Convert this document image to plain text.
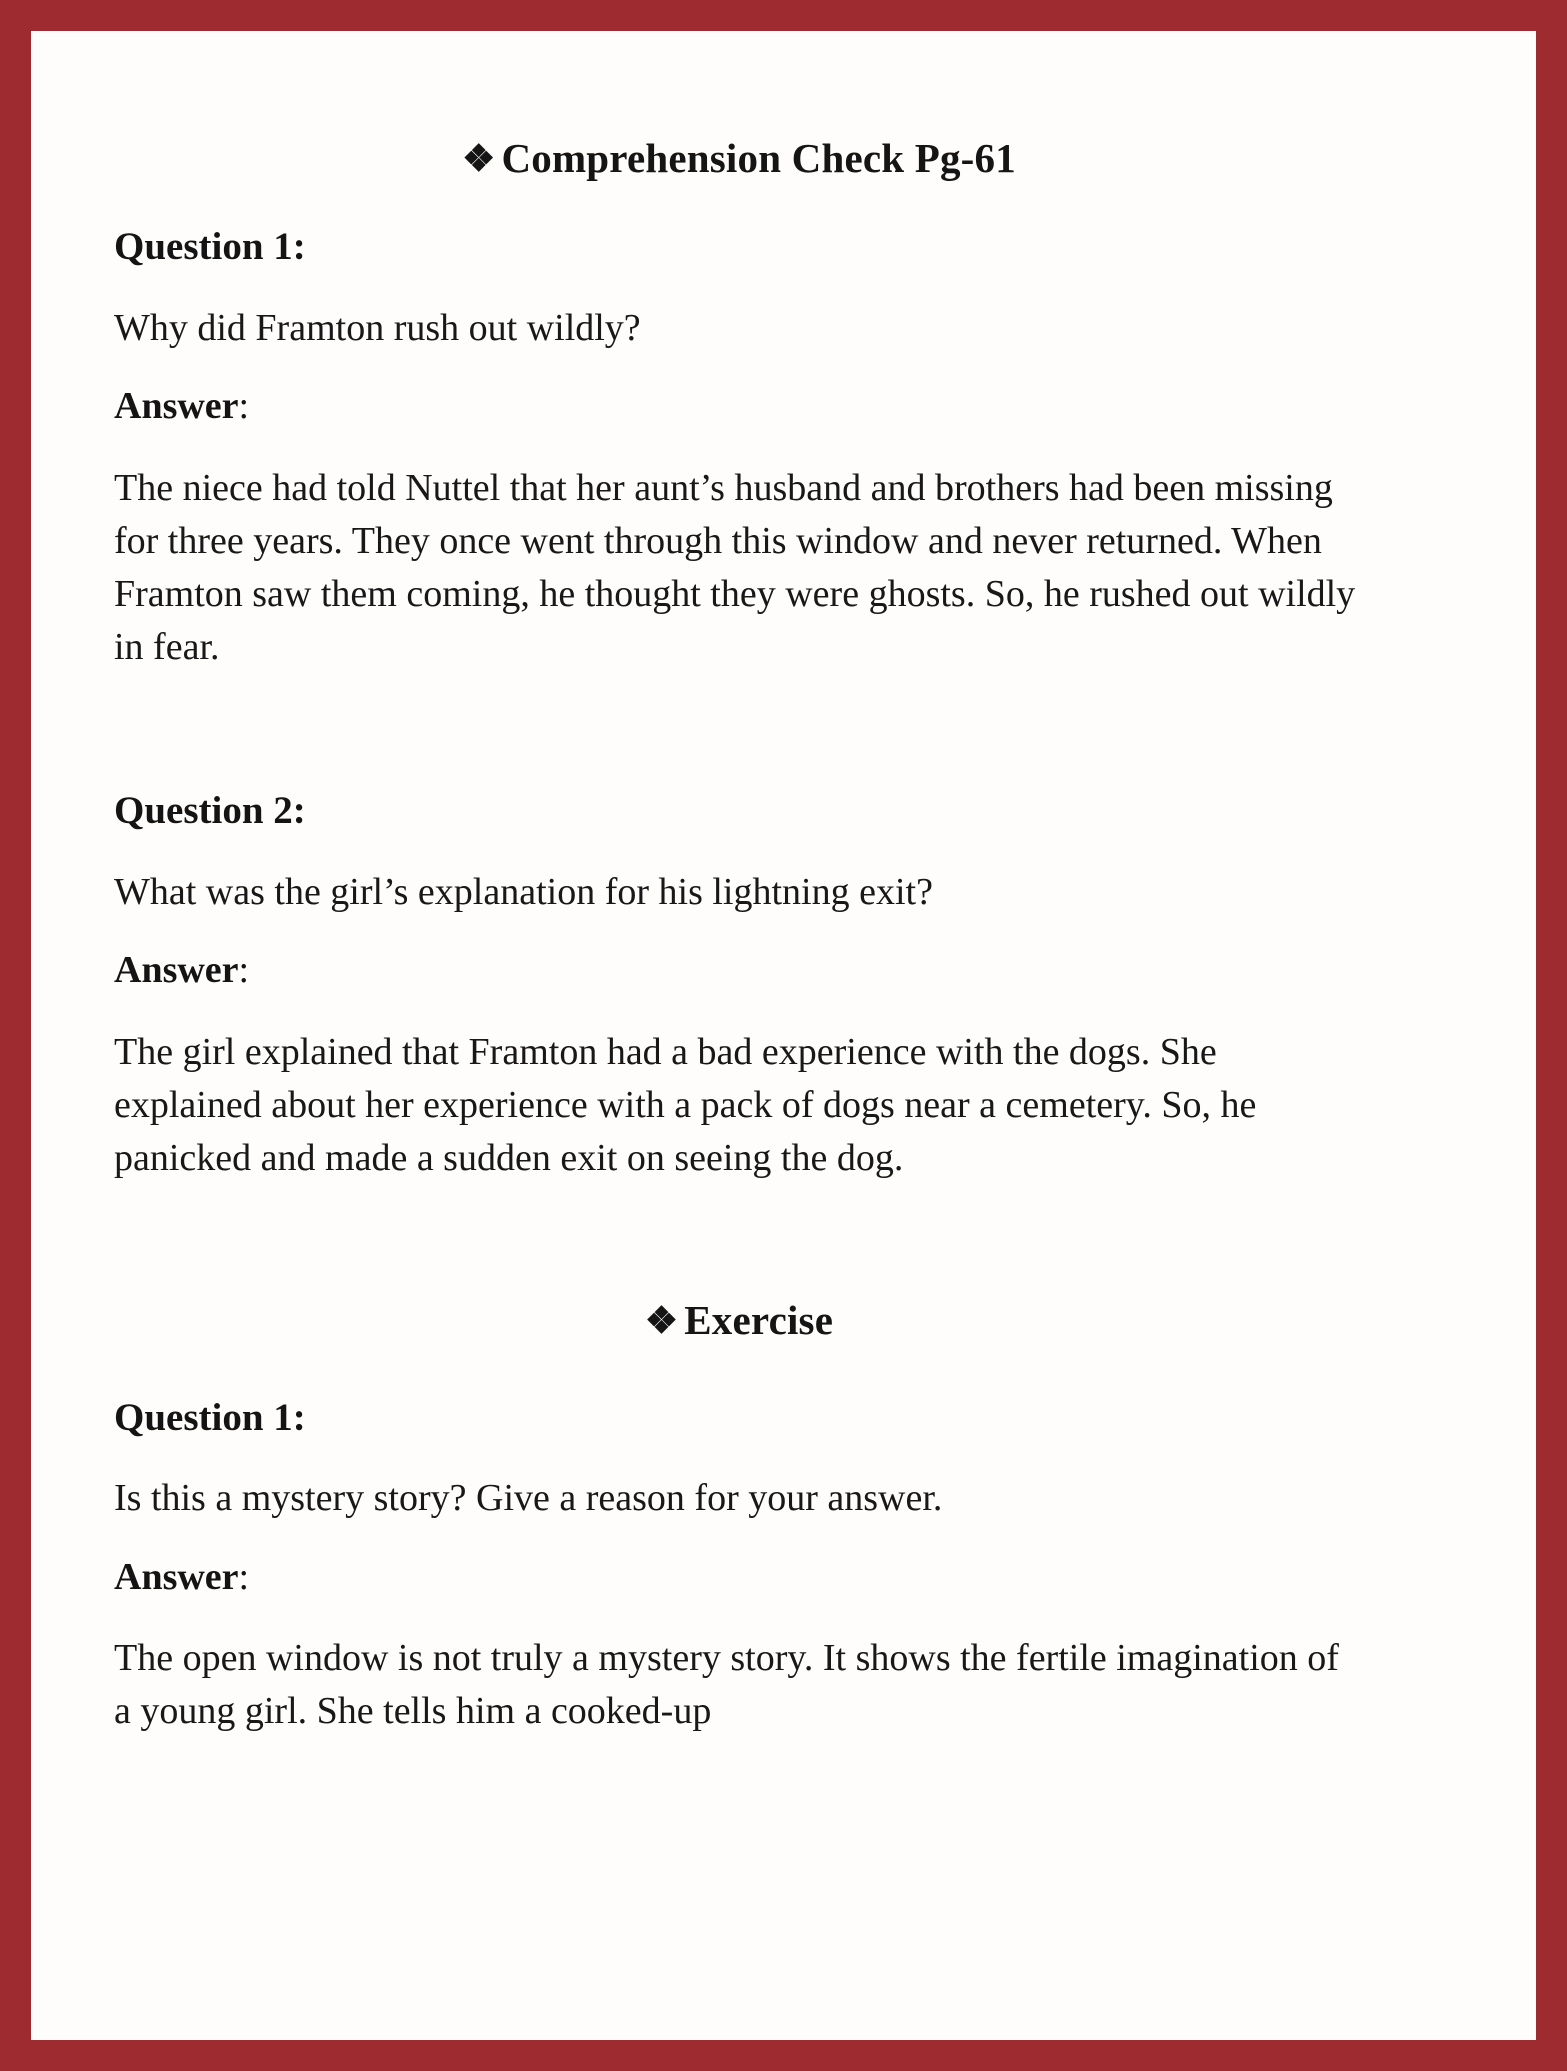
❖ Comprehension Check Pg-61
Question 1:
Why did Framton rush out wildly?
Answer:
The niece had told Nuttel that her aunt’s husband and brothers had been missing for three years. They once went through this window and never returned. When Framton saw them coming, he thought they were ghosts. So, he rushed out wildly in fear.
Question 2:
What was the girl’s explanation for his lightning exit?
Answer:
The girl explained that Framton had a bad experience with the dogs. She explained about her experience with a pack of dogs near a cemetery. So, he panicked and made a sudden exit on seeing the dog.
❖ Exercise
Question 1:
Is this a mystery story? Give a reason for your answer.
Answer:
The open window is not truly a mystery story. It shows the fertile imagination of a young girl. She tells him a cooked-up
